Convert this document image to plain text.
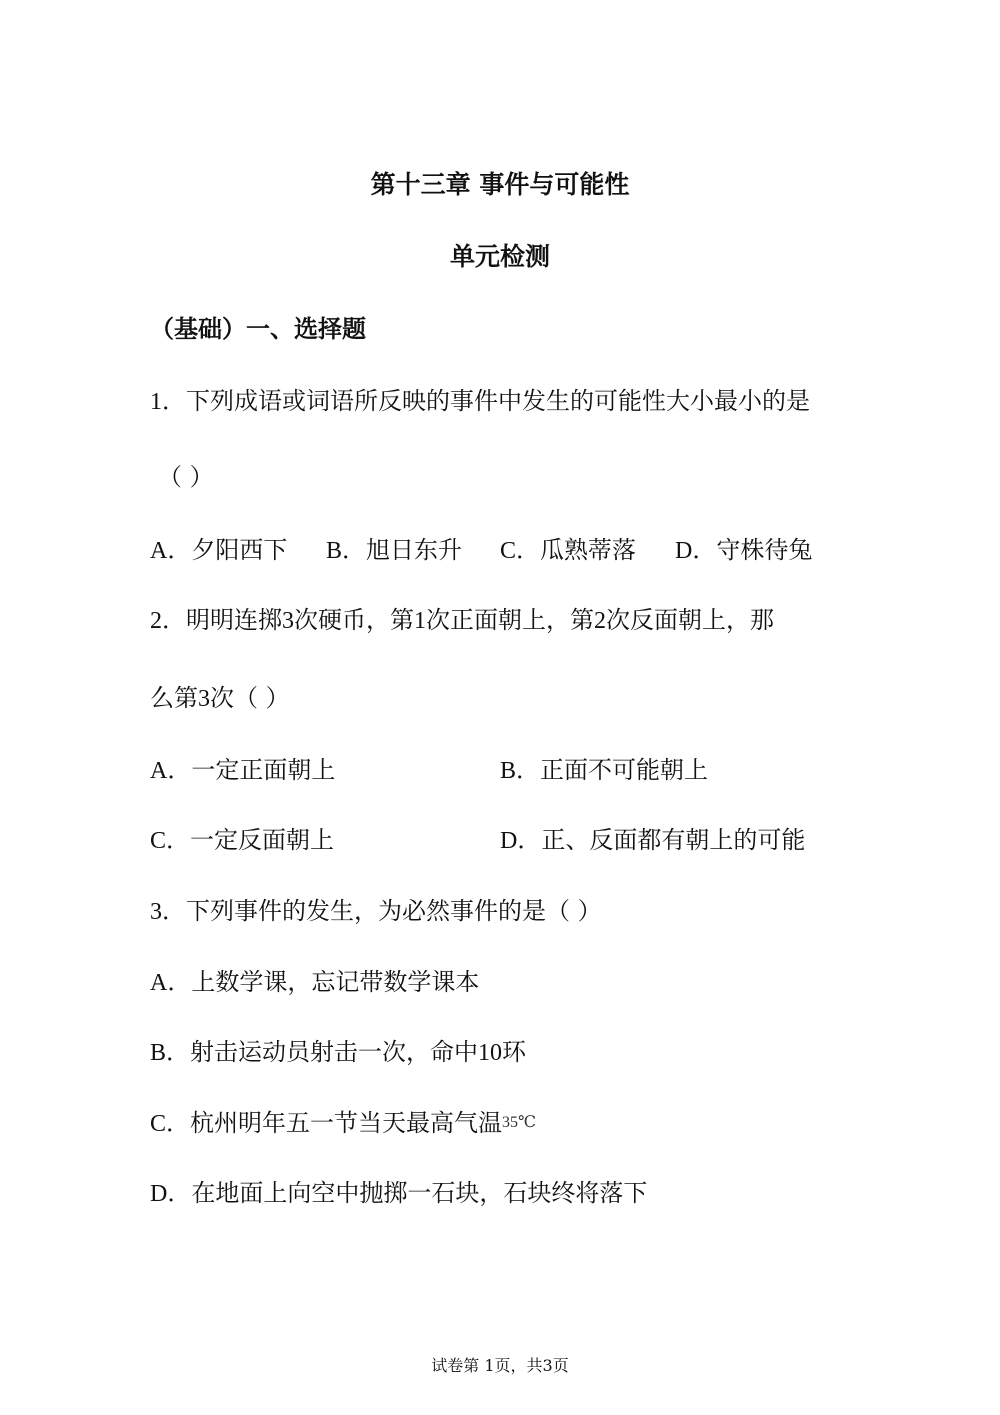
第十三章 事件与可能性
单元检测
（基础）一、选择题
1．下列成语或词语所反映的事件中发生的可能性大小最小的是
（ ）
A．夕阳西下 B．旭日东升 C．瓜熟蒂落 D．守株待兔
2．明明连掷3次硬币，第1次正面朝上，第2次反面朝上，那
么第3次（ ）
A．一定正面朝上	B．正面不可能朝上
C．一定反面朝上	D．正、反面都有朝上的可能
3．下列事件的发生，为必然事件的是（ ）
A．上数学课，忘记带数学课本
B．射击运动员射击一次，命中10环
C．杭州明年五一节当天最高气温35℃
D．在地面上向空中抛掷一石块，石块终将落下
试卷第 1页，共3页
